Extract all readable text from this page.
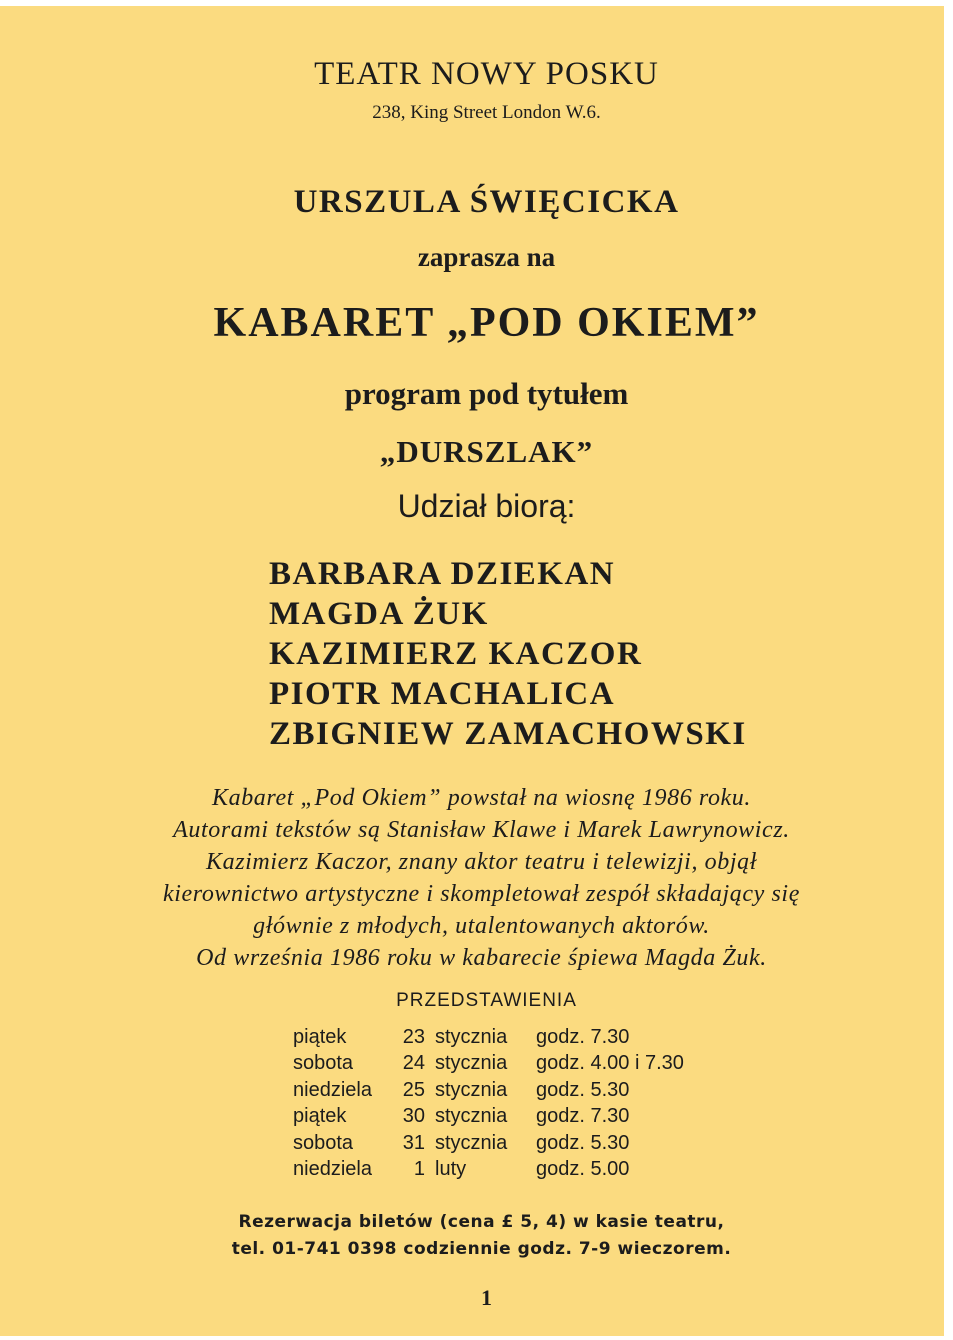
TEATR NOWY POSKU
238, King Street London W.6.
URSZULA ŚWIĘCICKA
zaprasza na
KABARET „POD OKIEM”
program pod tytułem
„DURSZLAK”
Udział biorą:
BARBARA DZIEKAN
MAGDA ŻUK
KAZIMIERZ KACZOR
PIOTR MACHALICA
ZBIGNIEW ZAMACHOWSKI
Kabaret „Pod Okiem” powstał na wiosnę 1986 roku.
Autorami tekstów są Stanisław Klawe i Marek Lawrynowicz.
Kazimierz Kaczor, znany aktor teatru i telewizji, objął
kierownictwo artystyczne i skompletował zespół składający się
głównie z młodych, utalentowanych aktorów.
Od września 1986 roku w kabarecie śpiewa Magda Żuk.
PRZEDSTAWIENIA
piątek	23	stycznia	godz. 7.30
sobota	24	stycznia	godz. 4.00 i 7.30
niedziela	25	stycznia	godz. 5.30
piątek	30	stycznia	godz. 7.30
sobota	31	stycznia	godz. 5.30
niedziela	1	luty	godz. 5.00
Rezerwacja biletów (cena £ 5, 4) w kasie teatru,
tel. 01-741 0398 codziennie godz. 7-9 wieczorem.
1
